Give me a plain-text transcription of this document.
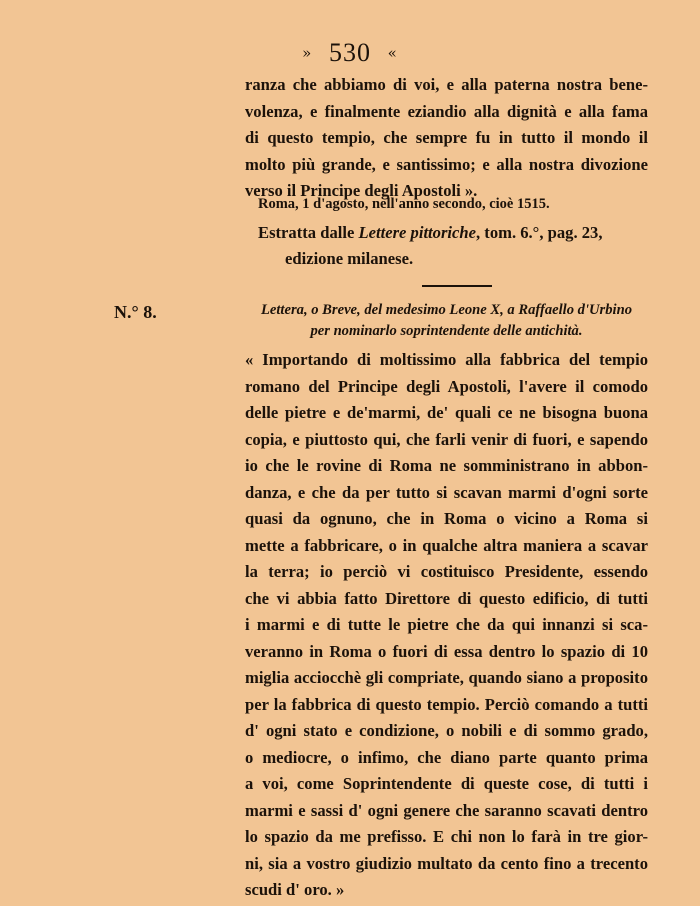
» 530 «
ranza che abbiamo di voi, e alla paterna nostra bene-
volenza, e finalmente eziandio alla dignità e alla fama
di questo tempio, che sempre fu in tutto il mondo il
molto più grande, e santissimo; e alla nostra divozione
verso il Principe degli Apostoli ».
Roma, 1 d'agosto, nell'anno secondo, cioè 1515.
Estratta dalle Lettere pittoriche, tom. 6.°, pag. 23,
edizione milanese.
N.° 8.	Lettera, o Breve, del medesimo Leone X, a Raffaello d'Urbino
per nominarlo soprintendente delle antichità.
« Importando di moltissimo alla fabbrica del tempio
romano del Principe degli Apostoli, l'avere il comodo
delle pietre e de'marmi, de' quali ce ne bisogna buona
copia, e piuttosto qui, che farli venir di fuori, e sapendo
io che le rovine di Roma ne somministrano in abbon-
danza, e che da per tutto si scavan marmi d'ogni sorte
quasi da ognuno, che in Roma o vicino a Roma si
mette a fabbricare, o in qualche altra maniera a scavar
la terra; io perciò vi costituisco Presidente, essendo
che vi abbia fatto Direttore di questo edificio, di tutti
i marmi e di tutte le pietre che da qui innanzi si sca-
veranno in Roma o fuori di essa dentro lo spazio di 10
miglia acciocchè gli compriate, quando siano a proposito
per la fabbrica di questo tempio. Perciò comando a tutti
d' ogni stato e condizione, o nobili e di sommo grado,
o mediocre, o infimo, che diano parte quanto prima
a voi, come Soprintendente di queste cose, di tutti i
marmi e sassi d' ogni genere che saranno scavati dentro
lo spazio da me prefisso. E chi non lo farà in tre gior-
ni, sia a vostro giudizio multato da cento fino a trecento
scudi d' oro. »
